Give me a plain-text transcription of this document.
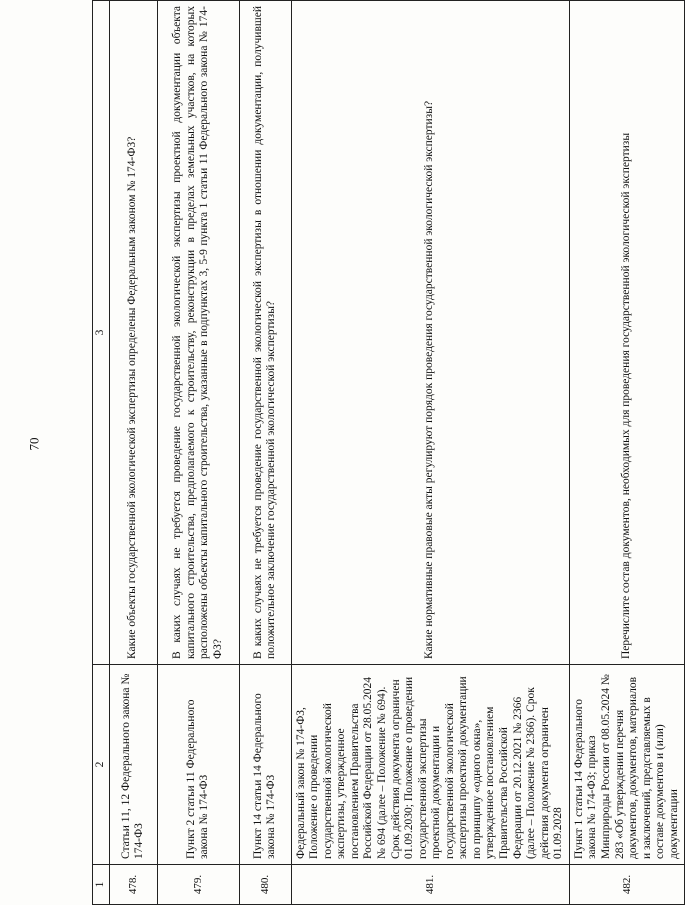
70
1	2	3
478.	Статьи 11, 12 Федерального закона № 174-ФЗ	Какие объекты государственной экологической экспертизы определены Федеральным законом № 174-ФЗ?
479.	Пункт 2 статьи 11 Федерального закона № 174-ФЗ	В каких случаях не требуется проведение государственной экологической экспертизы проектной документации объекта капитального строительства, предполагаемого к строительству, реконструкции в пределах земельных участков, на которых расположены объекты капитального строительства, указанные в подпунктах 3, 5-9 пункта 1 статьи 11 Федерального закона № 174-ФЗ?
480.	Пункт 14 статьи 14 Федерального закона № 174-ФЗ	В каких случаях не требуется проведение государственной экологической экспертизы в отношении документации, получившей положительное заключение государственной экологической экспертизы?
481.	Федеральный закон № 174-ФЗ, Положение о проведении государственной экологической экспертизы, утвержденное постановлением Правительства Российской Федерации от 28.05.2024 № 694 (далее – Положение № 694). Срок действия документа ограничен 01.09.2030; Положение о проведении государственной экспертизы проектной документации и государственной экологической экспертизы проектной документации по принципу «одного окна», утвержденное постановлением Правительства Российской Федерации от 20.12.2021 № 2366 (далее – Положение № 2366). Срок действия документа ограничен 01.09.2028	Какие нормативные правовые акты регулируют порядок проведения государственной экологической экспертизы?
482.	Пункт 1 статьи 14 Федерального закона № 174-ФЗ; приказ Минприроды России от 08.05.2024 № 283 «Об утверждении перечня документов, документов, материалов и заключений, представляемых в составе документов и (или) документации	Перечислите состав документов, необходимых для проведения государственной экологической экспертизы
